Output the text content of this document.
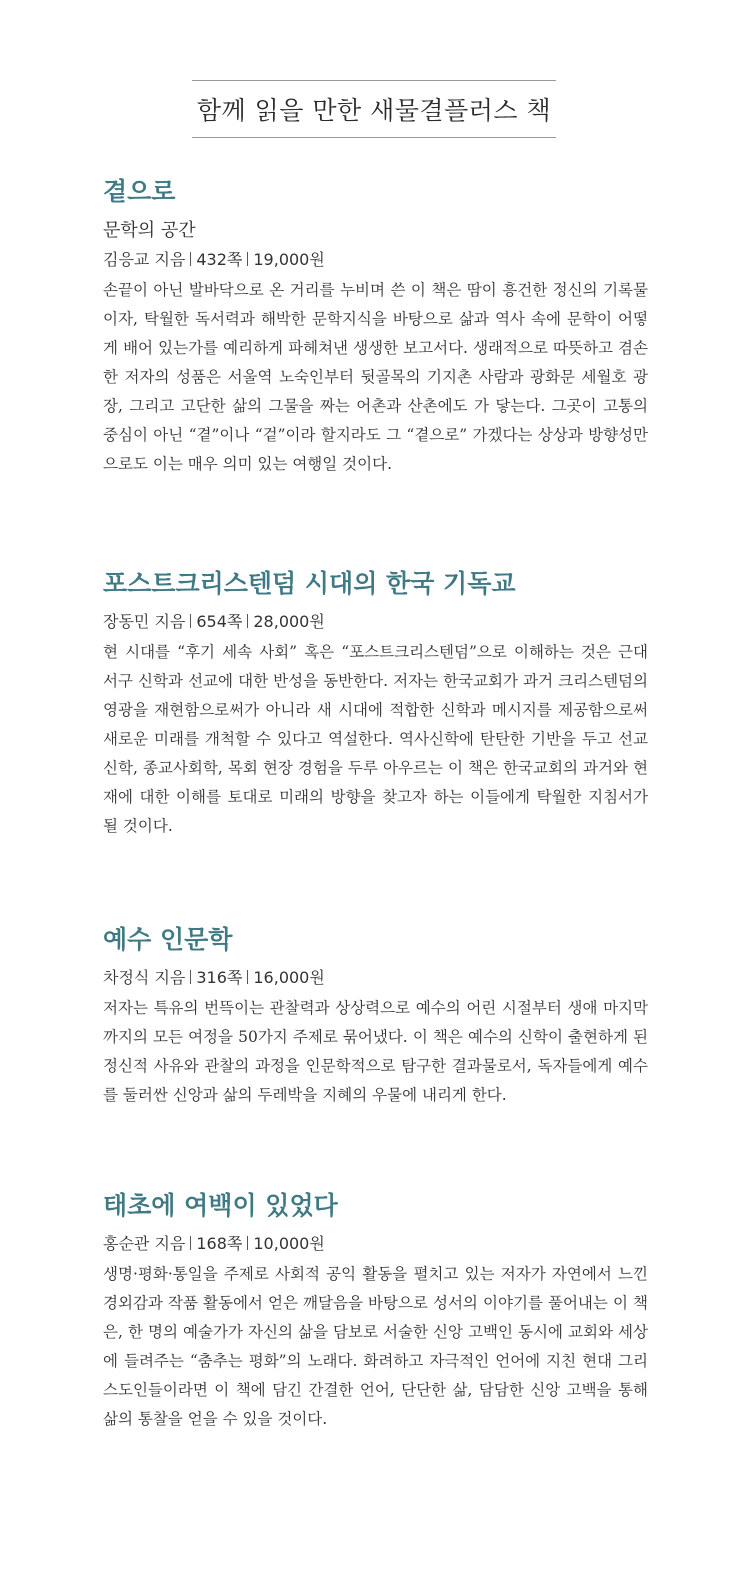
함께 읽을 만한 새물결플러스 책
곁으로
문학의 공간
김응교 지음 432쪽 19,000원
손끝이 아닌 발바닥으로 온 거리를 누비며 쓴 이 책은 땀이 흥건한 정신의 기록물이자, 탁월한 독서력과 해박한 문학지식을 바탕으로 삶과 역사 속에 문학이 어떻게 배어 있는가를 예리하게 파헤쳐낸 생생한 보고서다. 생래적으로 따뜻하고 겸손한 저자의 성품은 서울역 노숙인부터 뒷골목의 기지촌 사람과 광화문 세월호 광장, 그리고 고단한 삶의 그물을 짜는 어촌과 산촌에도 가 닿는다. 그곳이 고통의 중심이 아닌 “곁”이나 “겉”이라 할지라도 그 “곁으로” 가겠다는 상상과 방향성만으로도 이는 매우 의미 있는 여행일 것이다.
포스트크리스텐덤 시대의 한국 기독교
장동민 지음 654쪽 28,000원
현 시대를 “후기 세속 사회” 혹은 “포스트크리스텐덤”으로 이해하는 것은 근대 서구 신학과 선교에 대한 반성을 동반한다. 저자는 한국교회가 과거 크리스텐덤의 영광을 재현함으로써가 아니라 새 시대에 적합한 신학과 메시지를 제공함으로써 새로운 미래를 개척할 수 있다고 역설한다. 역사신학에 탄탄한 기반을 두고 선교신학, 종교사회학, 목회 현장 경험을 두루 아우르는 이 책은 한국교회의 과거와 현재에 대한 이해를 토대로 미래의 방향을 찾고자 하는 이들에게 탁월한 지침서가 될 것이다.
예수 인문학
차정식 지음 316쪽 16,000원
저자는 특유의 번뜩이는 관찰력과 상상력으로 예수의 어린 시절부터 생애 마지막까지의 모든 여정을 50가지 주제로 묶어냈다. 이 책은 예수의 신학이 출현하게 된 정신적 사유와 관찰의 과정을 인문학적으로 탐구한 결과물로서, 독자들에게 예수를 둘러싼 신앙과 삶의 두레박을 지혜의 우물에 내리게 한다.
태초에 여백이 있었다
홍순관 지음 168쪽 10,000원
생명·평화·통일을 주제로 사회적 공익 활동을 펼치고 있는 저자가 자연에서 느낀 경외감과 작품 활동에서 얻은 깨달음을 바탕으로 성서의 이야기를 풀어내는 이 책은, 한 명의 예술가가 자신의 삶을 담보로 서술한 신앙 고백인 동시에 교회와 세상에 들려주는 “춤추는 평화”의 노래다. 화려하고 자극적인 언어에 지친 현대 그리스도인들이라면 이 책에 담긴 간결한 언어, 단단한 삶, 담담한 신앙 고백을 통해 삶의 통찰을 얻을 수 있을 것이다.
